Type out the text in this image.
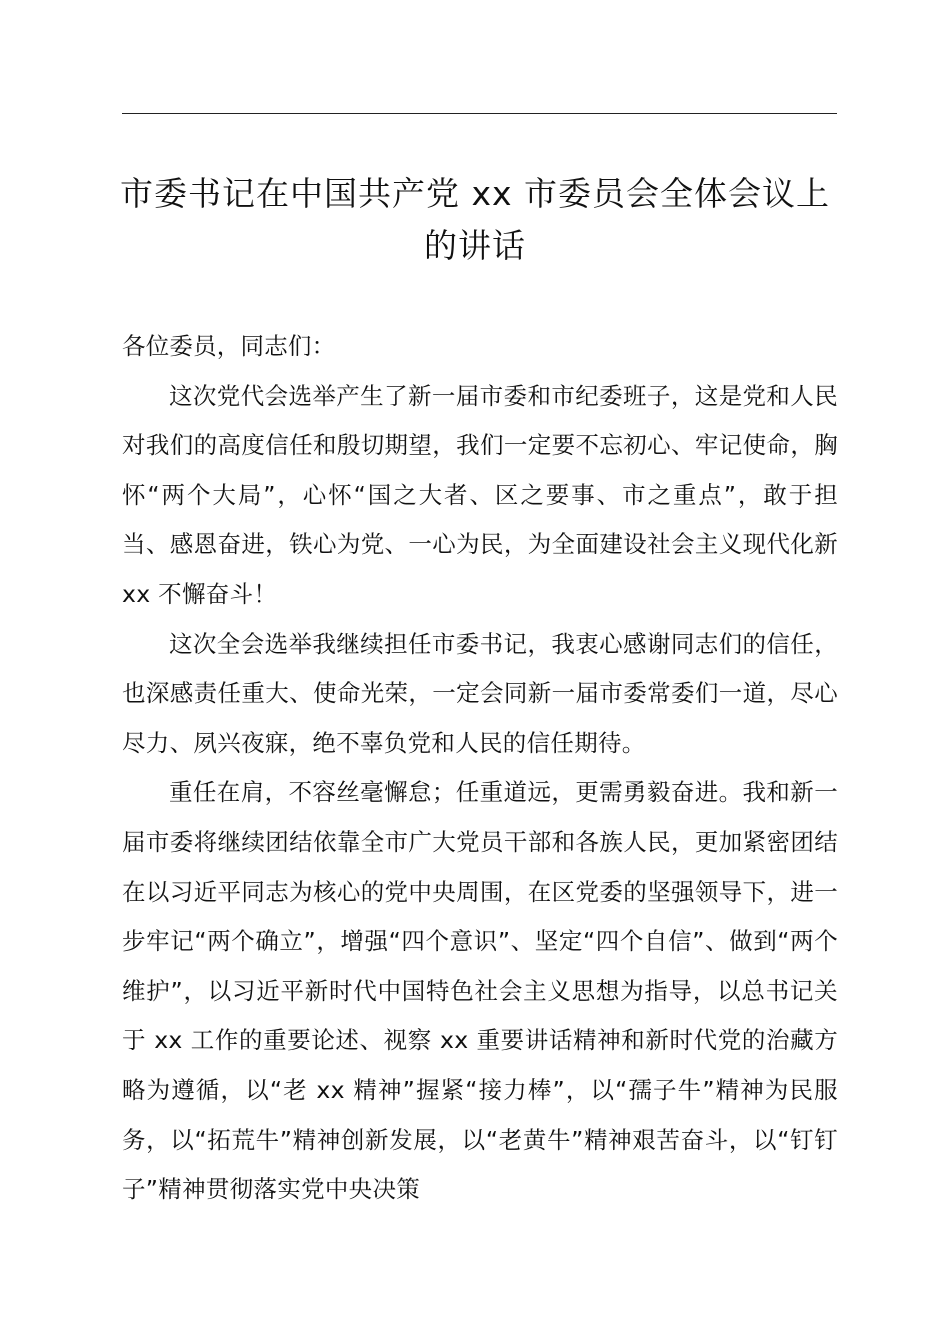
市委书记在中国共产党 xx 市委员会全体会议上的讲话

各位委员，同志们：

这次党代会选举产生了新一届市委和市纪委班子，这是党和人民对我们的高度信任和殷切期望，我们一定要不忘初心、牢记使命，胸怀“两个大局”，心怀“国之大者、区之要事、市之重点”，敢于担当、感恩奋进，铁心为党、一心为民，为全面建设社会主义现代化新 xx 不懈奋斗！

这次全会选举我继续担任市委书记，我衷心感谢同志们的信任，也深感责任重大、使命光荣，一定会同新一届市委常委们一道，尽心尽力、夙兴夜寐，绝不辜负党和人民的信任期待。

重任在肩，不容丝毫懈怠；任重道远，更需勇毅奋进。我和新一届市委将继续团结依靠全市广大党员干部和各族人民，更加紧密团结在以习近平同志为核心的党中央周围，在区党委的坚强领导下，进一步牢记“两个确立”，增强“四个意识”、坚定“四个自信”、做到“两个维护”，以习近平新时代中国特色社会主义思想为指导，以总书记关于 xx 工作的重要论述、视察 xx 重要讲话精神和新时代党的治藏方略为遵循，以“老 xx 精神”握紧“接力棒”，以“孺子牛”精神为民服务，以“拓荒牛”精神创新发展，以“老黄牛”精神艰苦奋斗，以“钉钉子”精神贯彻落实党中央决策
